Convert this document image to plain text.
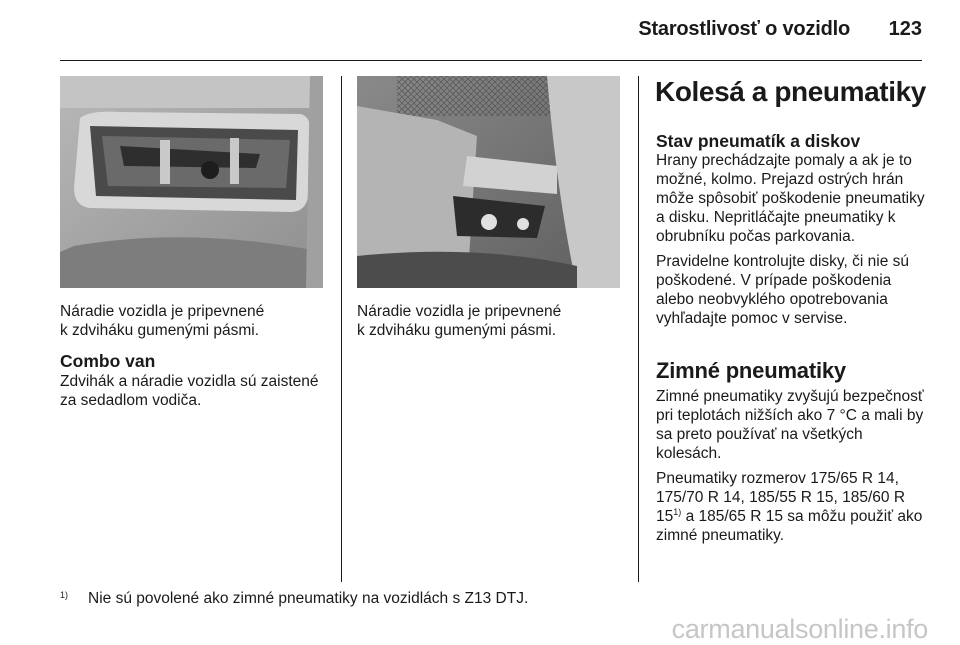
Starostlivosť o vozidlo	123
Náradie vozidla je pripevnené
k zdviháku gumenými pásmi.
Combo van
Zdvihák a náradie vozidla sú zaistené za sedadlom vodiča.
Náradie vozidla je pripevnené
k zdviháku gumenými pásmi.
Kolesá a pneumatiky

Stav pneumatík a diskov

Hrany prechádzajte pomaly a ak je to možné, kolmo. Prejazd ostrých hrán môže spôsobiť poškodenie pneumatiky a disku. Nepritláčajte pneumatiky k obrubníku počas parkovania.

Pravidelne kontrolujte disky, či nie sú poškodené. V prípade poškodenia alebo neobvyklého opotrebovania vyhľadajte pomoc v servise.

Zimné pneumatiky

Zimné pneumatiky zvyšujú bezpečnosť pri teplotách nižších ako 7 °C a mali by sa preto používať na všetkých kolesách.

Pneumatiky rozmerov 175/65 R 14, 175/70 R 14, 185/55 R 15, 185/60 R 15$^{1)}$ a 185/65 R 15 sa môžu použiť ako zimné pneumatiky.

1) Nie sú povolené ako zimné pneumatiky na vozidlách s Z13 DTJ.
carmanualsonline.info
